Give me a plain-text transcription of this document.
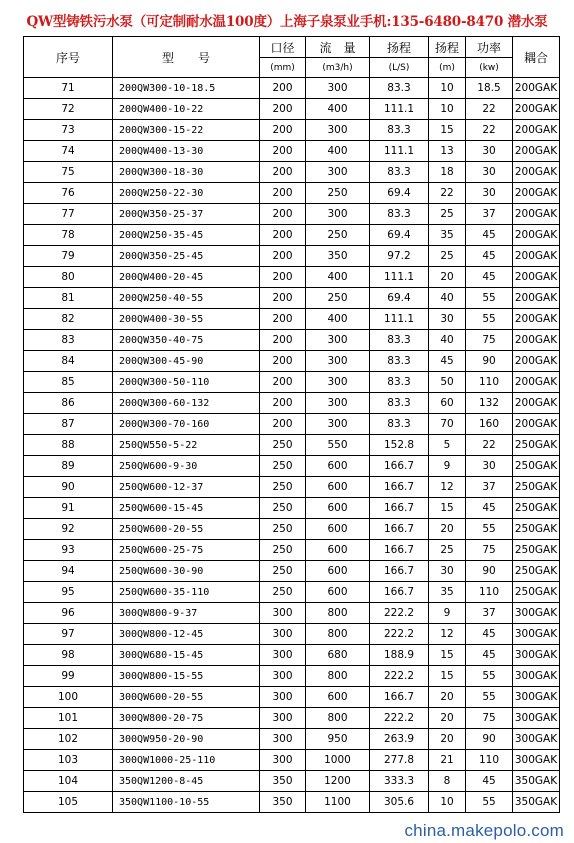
QW型铸铁污水泵（可定制耐水温100度）上海子泉泵业手机:135-6480-8470 潜水泵
序号	型　　号	口径	流　量	扬程	扬程	功率	耦合
		(mm)	(m3/h)	(L/S)	(m)	(kw)	
71	200QW300-10-18.5	200	300	83.3	10	18.5	200GAK
72	200QW400-10-22	200	400	111.1	10	22	200GAK
73	200QW300-15-22	200	300	83.3	15	22	200GAK
74	200QW400-13-30	200	400	111.1	13	30	200GAK
75	200QW300-18-30	200	300	83.3	18	30	200GAK
76	200QW250-22-30	200	250	69.4	22	30	200GAK
77	200QW350-25-37	200	300	83.3	25	37	200GAK
78	200QW250-35-45	200	250	69.4	35	45	200GAK
79	200QW350-25-45	200	350	97.2	25	45	200GAK
80	200QW400-20-45	200	400	111.1	20	45	200GAK
81	200QW250-40-55	200	250	69.4	40	55	200GAK
82	200QW400-30-55	200	400	111.1	30	55	200GAK
83	200QW350-40-75	200	300	83.3	40	75	200GAK
84	200QW300-45-90	200	300	83.3	45	90	200GAK
85	200QW300-50-110	200	300	83.3	50	110	200GAK
86	200QW300-60-132	200	300	83.3	60	132	200GAK
87	200QW300-70-160	200	300	83.3	70	160	200GAK
88	250QW550-5-22	250	550	152.8	5	22	250GAK
89	250QW600-9-30	250	600	166.7	9	30	250GAK
90	250QW600-12-37	250	600	166.7	12	37	250GAK
91	250QW600-15-45	250	600	166.7	15	45	250GAK
92	250QW600-20-55	250	600	166.7	20	55	250GAK
93	250QW600-25-75	250	600	166.7	25	75	250GAK
94	250QW600-30-90	250	600	166.7	30	90	250GAK
95	250QW600-35-110	250	600	166.7	35	110	250GAK
96	300QW800-9-37	300	800	222.2	9	37	300GAK
97	300QW800-12-45	300	800	222.2	12	45	300GAK
98	300QW680-15-45	300	680	188.9	15	45	300GAK
99	300QW800-15-55	300	800	222.2	15	55	300GAK
100	300QW600-20-55	300	600	166.7	20	55	300GAK
101	300QW800-20-75	300	800	222.2	20	75	300GAK
102	300QW950-20-90	300	950	263.9	20	90	300GAK
103	300QW1000-25-110	300	1000	277.8	21	110	300GAK
104	350QW1200-8-45	350	1200	333.3	8	45	350GAK
105	350QW1100-10-55	350	1100	305.6	10	55	350GAK
china.makepolo.com
